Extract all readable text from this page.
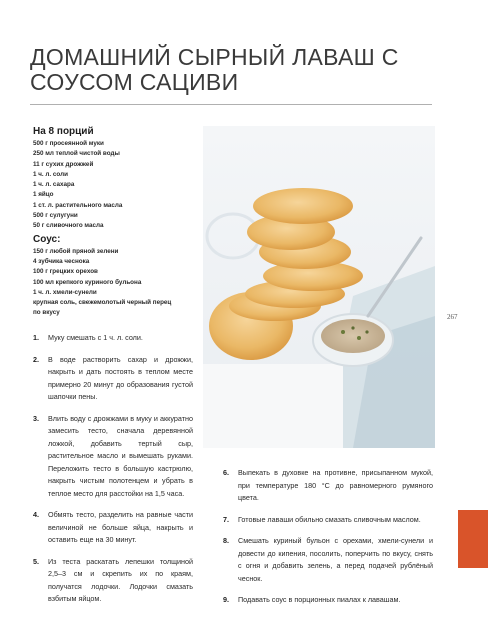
ДОМАШНИЙ СЫРНЫЙ ЛАВАШ С СОУСОМ САЦИВИ
На 8 порций
500 г просеянной муки
250 мл теплой чистой воды
11 г сухих дрожжей
1 ч. л. соли
1 ч. л. сахара
1 яйцо
1 ст. л. растительного масла
500 г сулугуни
50 г сливочного масла
Соус:
150 г любой пряной зелени
4 зубчика чеснока
100 г грецких орехов
100 мл крепкого куриного бульона
1 ч. л. хмели-сунели
крупная соль, свежемолотый черный перец
по вкусу
267
1.	Муку смешать с 1 ч. л. соли.
2.	В воде растворить сахар и дрожжи, накрыть и дать постоять в теплом месте примерно 20 минут до образования густой шапочки пены.
3.	Влить воду с дрожжами в муку и аккуратно замесить тесто, сначала деревянной ложкой, добавить тертый сыр, растительное масло и вымешать руками. Переложить тесто в большую кастрюлю, накрыть чистым полотенцем и убрать в теплое место для расстойки на 1,5 часа.
4.	Обмять тесто, разделить на равные части величиной не больше яйца, накрыть и оставить еще на 30 минут.
5.	Из теста раскатать лепешки толщиной 2,5–3 см и скрепить их по краям, получатся лодочки. Лодочки смазать взбитым яйцом.
6.	Выпекать в духовке на противне, присыпанном мукой, при температуре 180 °С до равномерного румяного цвета.
7.	Готовые лаваши обильно смазать сливочным маслом.
8.	Смешать куриный бульон с орехами, хмели-сунели и довести до кипения, посолить, поперчить по вкусу, снять с огня и добавить зелень, а перед подачей рублёный чеснок.
9.	Подавать соус в порционных пиалах к лавашам.
